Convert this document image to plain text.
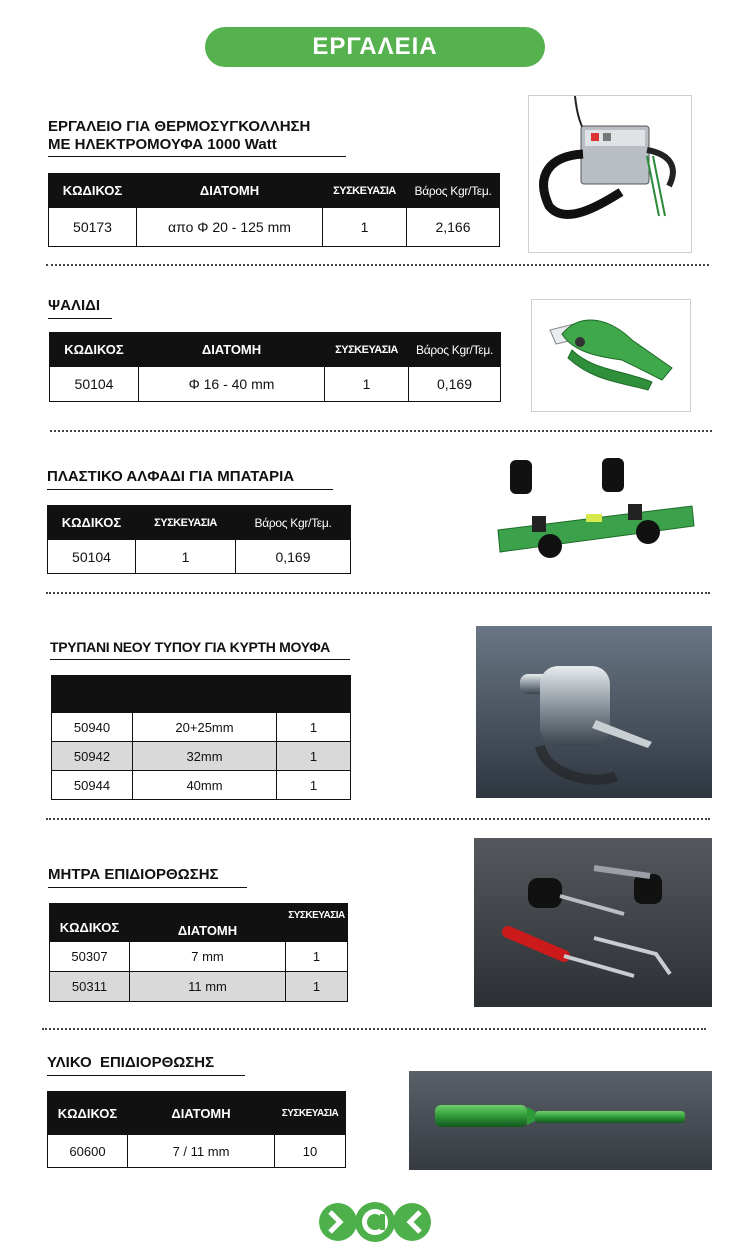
ΕΡΓΑΛΕΙΑ
ΕΡΓΑΛΕΙΟ ΓΙΑ ΘΕΡΜΟΣΥΓΚΟΛΛΗΣΗ
ΜΕ ΗΛΕΚΤΡΟΜΟΥΦΑ 1000 Watt
ΚΩΔΙΚΟΣ	ΔΙΑΤΟΜΗ	ΣΥΣΚΕΥΑΣΙΑ	Βάρος Kgr/Τεμ.
50173	απο Φ 20 - 125 mm	1	2,166
ΨΑΛΙΔΙ
ΚΩΔΙΚΟΣ	ΔΙΑΤΟΜΗ	ΣΥΣΚΕΥΑΣΙΑ	Βάρος Kgr/Τεμ.
50104	Φ 16 - 40 mm	1	0,169
ΠΛΑΣΤΙΚΟ ΑΛΦΑΔΙ ΓΙΑ ΜΠΑΤΑΡΙΑ
ΚΩΔΙΚΟΣ	ΣΥΣΚΕΥΑΣΙΑ	Βάρος Kgr/Τεμ.
50104	1	0,169
ΤΡΥΠΑΝΙ ΝΕΟΥ ΤΥΠΟΥ ΓΙΑ ΚΥΡΤΗ ΜΟΥΦΑ

50940	20+25mm	1
50942	32mm	1
50944	40mm	1
ΜΗΤΡΑ ΕΠΙΔΙΟΡΘΩΣΗΣ
ΚΩΔΙΚΟΣ	ΔΙΑΤΟΜΗ	ΣΥΣΚΕΥΑΣΙΑ
50307	7 mm	1
50311	11 mm	1
ΥΛΙΚΟ  ΕΠΙΔΙΟΡΘΩΣΗΣ
ΚΩΔΙΚΟΣ	ΔΙΑΤΟΜΗ	ΣΥΣΚΕΥΑΣΙΑ
60600	7 / 11 mm	10
